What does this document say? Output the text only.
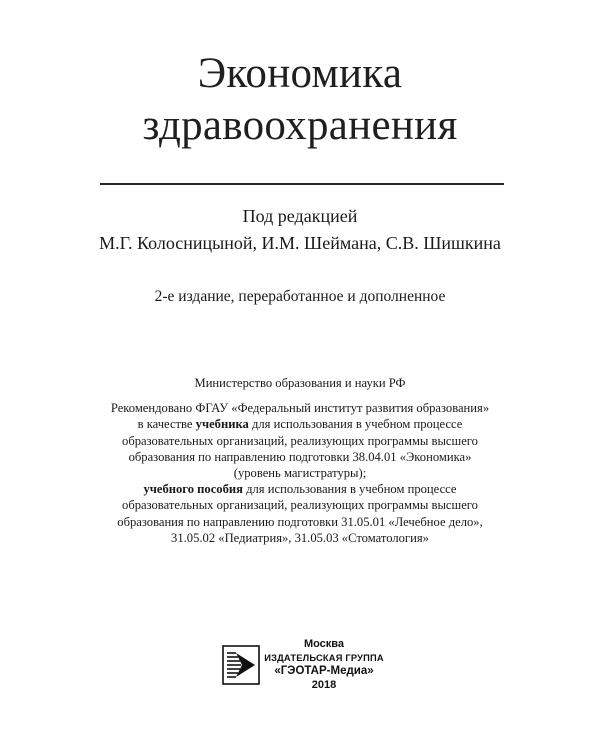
Экономика
здравоохранения
Под редакцией
М.Г. Колосницыной, И.М. Шеймана, С.В. Шишкина
2-е издание, переработанное и дополненное
Министерство образования и науки РФ
Рекомендовано ФГАУ «Федеральный институт развития образования»
в качестве учебника для использования в учебном процессе
образовательных организаций, реализующих программы высшего
образования по направлению подготовки 38.04.01 «Экономика»
(уровень магистратуры);
учебного пособия для использования в учебном процессе
образовательных организаций, реализующих программы высшего
образования по направлению подготовки 31.05.01 «Лечебное дело»,
31.05.02 «Педиатрия», 31.05.03 «Стоматология»
Москва
ИЗДАТЕЛЬСКАЯ ГРУППА
«ГЭОТАР-Медиа»
2018
